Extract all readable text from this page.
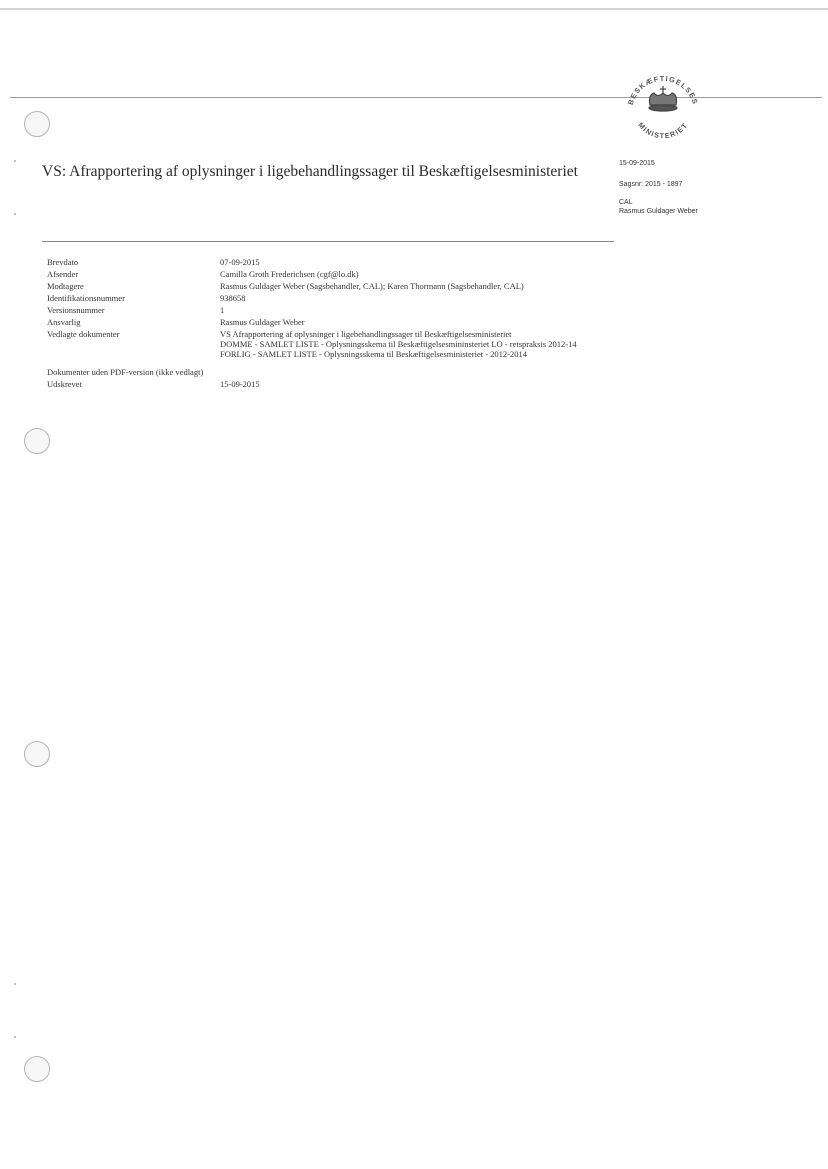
BESKÆFTIGELSES
MINISTERIET
15-09-2015
Sagsnr: 2015 - 1897
CAL
Rasmus Guldager Weber
VS: Afrapportering af oplysninger i ligebehandlingssager til Beskæftigelsesministeriet
Brevdato	07-09-2015
Afsender	Camilla Groth Frederichsen (cgf@lo.dk)
Modtagere	Rasmus Guldager Weber (Sagsbehandler, CAL); Karen Thormann (Sagsbehandler, CAL)
Identifikationsnummer	938658
Versionsnummer	1
Ansvarlig	Rasmus Guldager Weber
Vedlagte dokumenter	VS Afrapportering af oplysninger i ligebehandlingssager til Beskæftigelsesministeriet
DOMME - SAMLET LISTE - Oplysningsskema til Beskæftigelsesmininsteriet LO - retspraksis 2012-14
FORLIG - SAMLET LISTE - Oplysningsskema til Beskæftigelsesministeriet - 2012-2014
Dokumenter uden PDF-version (ikke vedlagt)
Udskrevet	15-09-2015
